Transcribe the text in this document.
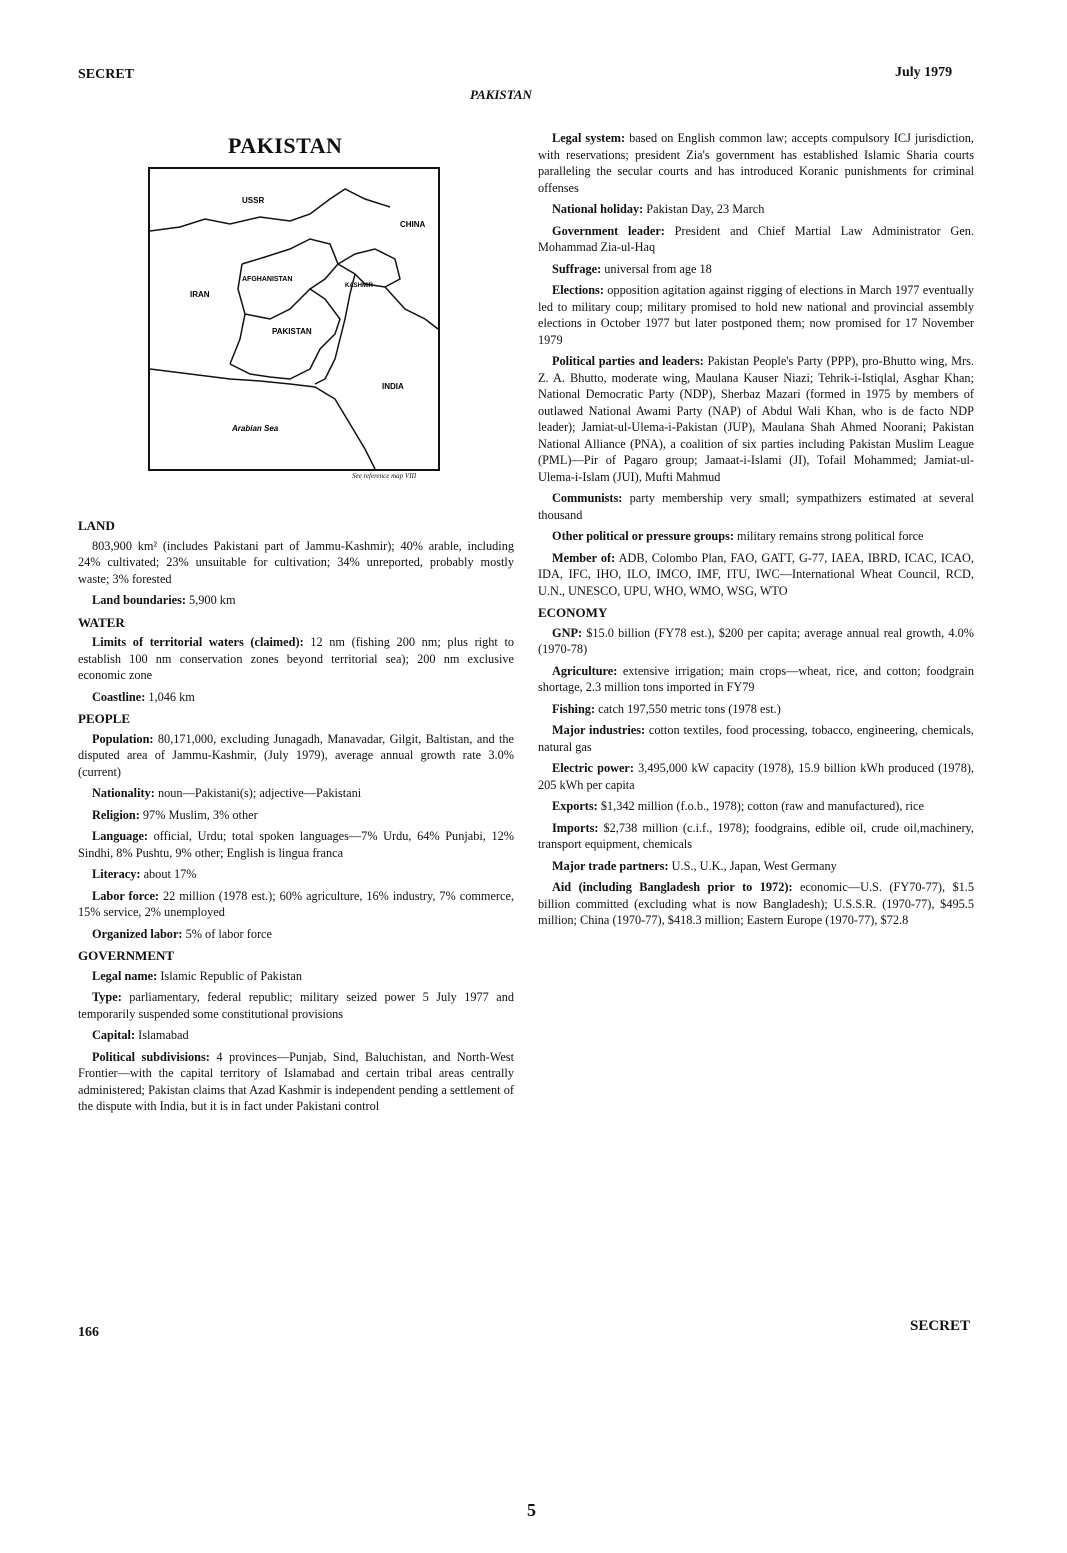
SECRET	July 1979
PAKISTAN
PAKISTAN
USSR
CHINA
IRAN
AFGHANISTAN
KASHMIR
PAKISTAN
INDIA
Arabian Sea
See reference map VIII
LAND

803,900 km² (includes Pakistani part of Jammu-Kashmir); 40% arable, including 24% cultivated; 23% unsuitable for cultivation; 34% unreported, probably mostly waste; 3% forested

Land boundaries: 5,900 km

WATER

Limits of territorial waters (claimed): 12 nm (fishing 200 nm; plus right to establish 100 nm conservation zones beyond territorial sea); 200 nm exclusive economic zone

Coastline: 1,046 km

PEOPLE

Population: 80,171,000, excluding Junagadh, Manavadar, Gilgit, Baltistan, and the disputed area of Jammu-Kashmir, (July 1979), average annual growth rate 3.0% (current)

Nationality: noun—Pakistani(s); adjective—Pakistani

Religion: 97% Muslim, 3% other

Language: official, Urdu; total spoken languages—7% Urdu, 64% Punjabi, 12% Sindhi, 8% Pushtu, 9% other; English is lingua franca

Literacy: about 17%

Labor force: 22 million (1978 est.); 60% agriculture, 16% industry, 7% commerce, 15% service, 2% unemployed

Organized labor: 5% of labor force

GOVERNMENT

Legal name: Islamic Republic of Pakistan

Type: parliamentary, federal republic; military seized power 5 July 1977 and temporarily suspended some constitutional provisions

Capital: Islamabad

Political subdivisions: 4 provinces—Punjab, Sind, Baluchistan, and North-West Frontier—with the capital territory of Islamabad and certain tribal areas centrally administered; Pakistan claims that Azad Kashmir is independent pending a settlement of the dispute with India, but it is in fact under Pakistani control

Legal system: based on English common law; accepts compulsory ICJ jurisdiction, with reservations; president Zia's government has established Islamic Sharia courts paralleling the secular courts and has introduced Koranic punishments for criminal offenses

National holiday: Pakistan Day, 23 March

Government leader: President and Chief Martial Law Administrator Gen. Mohammad Zia-ul-Haq

Suffrage: universal from age 18

Elections: opposition agitation against rigging of elections in March 1977 eventually led to military coup; military promised to hold new national and provincial assembly elections in October 1977 but later postponed them; now promised for 17 November 1979

Political parties and leaders: Pakistan People's Party (PPP), pro-Bhutto wing, Mrs. Z. A. Bhutto, moderate wing, Maulana Kauser Niazi; Tehrik-i-Istiqlal, Asghar Khan; National Democratic Party (NDP), Sherbaz Mazari (formed in 1975 by members of outlawed National Awami Party (NAP) of Abdul Wali Khan, who is de facto NDP leader); Jamiat-ul-Ulema-i-Pakistan (JUP), Maulana Shah Ahmed Noorani; Pakistan National Alliance (PNA), a coalition of six parties including Pakistan Muslim League (PML)—Pir of Pagaro group; Jamaat-i-Islami (JI), Tofail Mohammed; Jamiat-ul-Ulema-i-Islam (JUI), Mufti Mahmud

Communists: party membership very small; sympathizers estimated at several thousand

Other political or pressure groups: military remains strong political force

Member of: ADB, Colombo Plan, FAO, GATT, G-77, IAEA, IBRD, ICAC, ICAO, IDA, IFC, IHO, ILO, IMCO, IMF, ITU, IWC—International Wheat Council, RCD, U.N., UNESCO, UPU, WHO, WMO, WSG, WTO

ECONOMY

GNP: $15.0 billion (FY78 est.), $200 per capita; average annual real growth, 4.0% (1970-78)

Agriculture: extensive irrigation; main crops—wheat, rice, and cotton; foodgrain shortage, 2.3 million tons imported in FY79

Fishing: catch 197,550 metric tons (1978 est.)

Major industries: cotton textiles, food processing, tobacco, engineering, chemicals, natural gas

Electric power: 3,495,000 kW capacity (1978), 15.9 billion kWh produced (1978), 205 kWh per capita

Exports: $1,342 million (f.o.b., 1978); cotton (raw and manufactured), rice

Imports: $2,738 million (c.i.f., 1978); foodgrains, edible oil, crude oil,machinery, transport equipment, chemicals

Major trade partners: U.S., U.K., Japan, West Germany

Aid (including Bangladesh prior to 1972): economic—U.S. (FY70-77), $1.5 billion committed (excluding what is now Bangladesh); U.S.S.R. (1970-77), $495.5 million; China (1970-77), $418.3 million; Eastern Europe (1970-77), $72.8

166	SECRET
5
